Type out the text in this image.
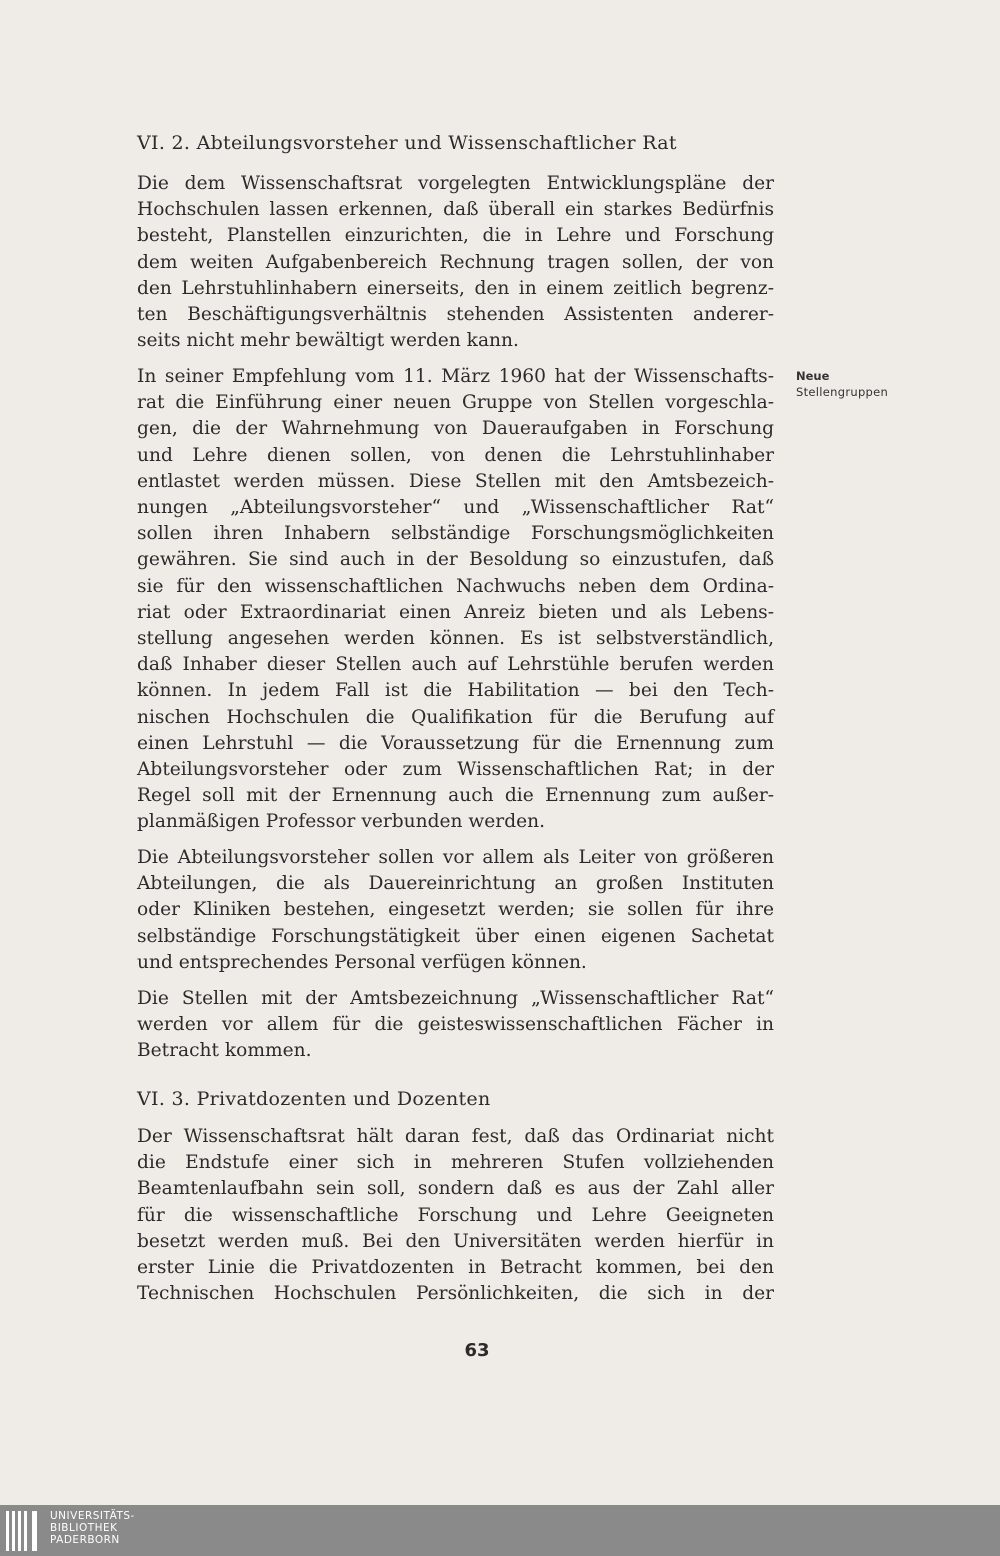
VI. 2. Abteilungsvorsteher und Wissenschaftlicher Rat

Die dem Wissenschaftsrat vorgelegten Entwicklungspläne der
Hochschulen lassen erkennen, daß überall ein starkes Bedürfnis
besteht, Planstellen einzurichten, die in Lehre und Forschung
dem weiten Aufgabenbereich Rechnung tragen sollen, der von
den Lehrstuhlinhabern einerseits, den in einem zeitlich begrenz-
ten Beschäftigungsverhältnis stehenden Assistenten anderer-
seits nicht mehr bewältigt werden kann.

In seiner Empfehlung vom 11. März 1960 hat der Wissenschafts-
rat die Einführung einer neuen Gruppe von Stellen vorgeschla-
gen, die der Wahrnehmung von Daueraufgaben in Forschung
und Lehre dienen sollen, von denen die Lehrstuhlinhaber
entlastet werden müssen. Diese Stellen mit den Amtsbezeich-
nungen „Abteilungsvorsteher“ und „Wissenschaftlicher Rat“
sollen ihren Inhabern selbständige Forschungsmöglichkeiten
gewähren. Sie sind auch in der Besoldung so einzustufen, daß
sie für den wissenschaftlichen Nachwuchs neben dem Ordina-
riat oder Extraordinariat einen Anreiz bieten und als Lebens-
stellung angesehen werden können. Es ist selbstverständlich,
daß Inhaber dieser Stellen auch auf Lehrstühle berufen werden
können. In jedem Fall ist die Habilitation — bei den Tech-
nischen Hochschulen die Qualifikation für die Berufung auf
einen Lehrstuhl — die Voraussetzung für die Ernennung zum
Abteilungsvorsteher oder zum Wissenschaftlichen Rat; in der
Regel soll mit der Ernennung auch die Ernennung zum außer-
planmäßigen Professor verbunden werden.

Die Abteilungsvorsteher sollen vor allem als Leiter von größeren
Abteilungen, die als Dauereinrichtung an großen Instituten
oder Kliniken bestehen, eingesetzt werden; sie sollen für ihre
selbständige Forschungstätigkeit über einen eigenen Sachetat
und entsprechendes Personal verfügen können.

Die Stellen mit der Amtsbezeichnung „Wissenschaftlicher Rat“
werden vor allem für die geisteswissenschaftlichen Fächer in
Betracht kommen.

VI. 3. Privatdozenten und Dozenten

Der Wissenschaftsrat hält daran fest, daß das Ordinariat nicht
die Endstufe einer sich in mehreren Stufen vollziehenden
Beamtenlaufbahn sein soll, sondern daß es aus der Zahl aller
für die wissenschaftliche Forschung und Lehre Geeigneten
besetzt werden muß. Bei den Universitäten werden hierfür in
erster Linie die Privatdozenten in Betracht kommen, bei den
Technischen Hochschulen Persönlichkeiten, die sich in der

Neue
Stellengruppen
63
UNIVERSITÄTS-
BIBLIOTHEK
PADERBORN
